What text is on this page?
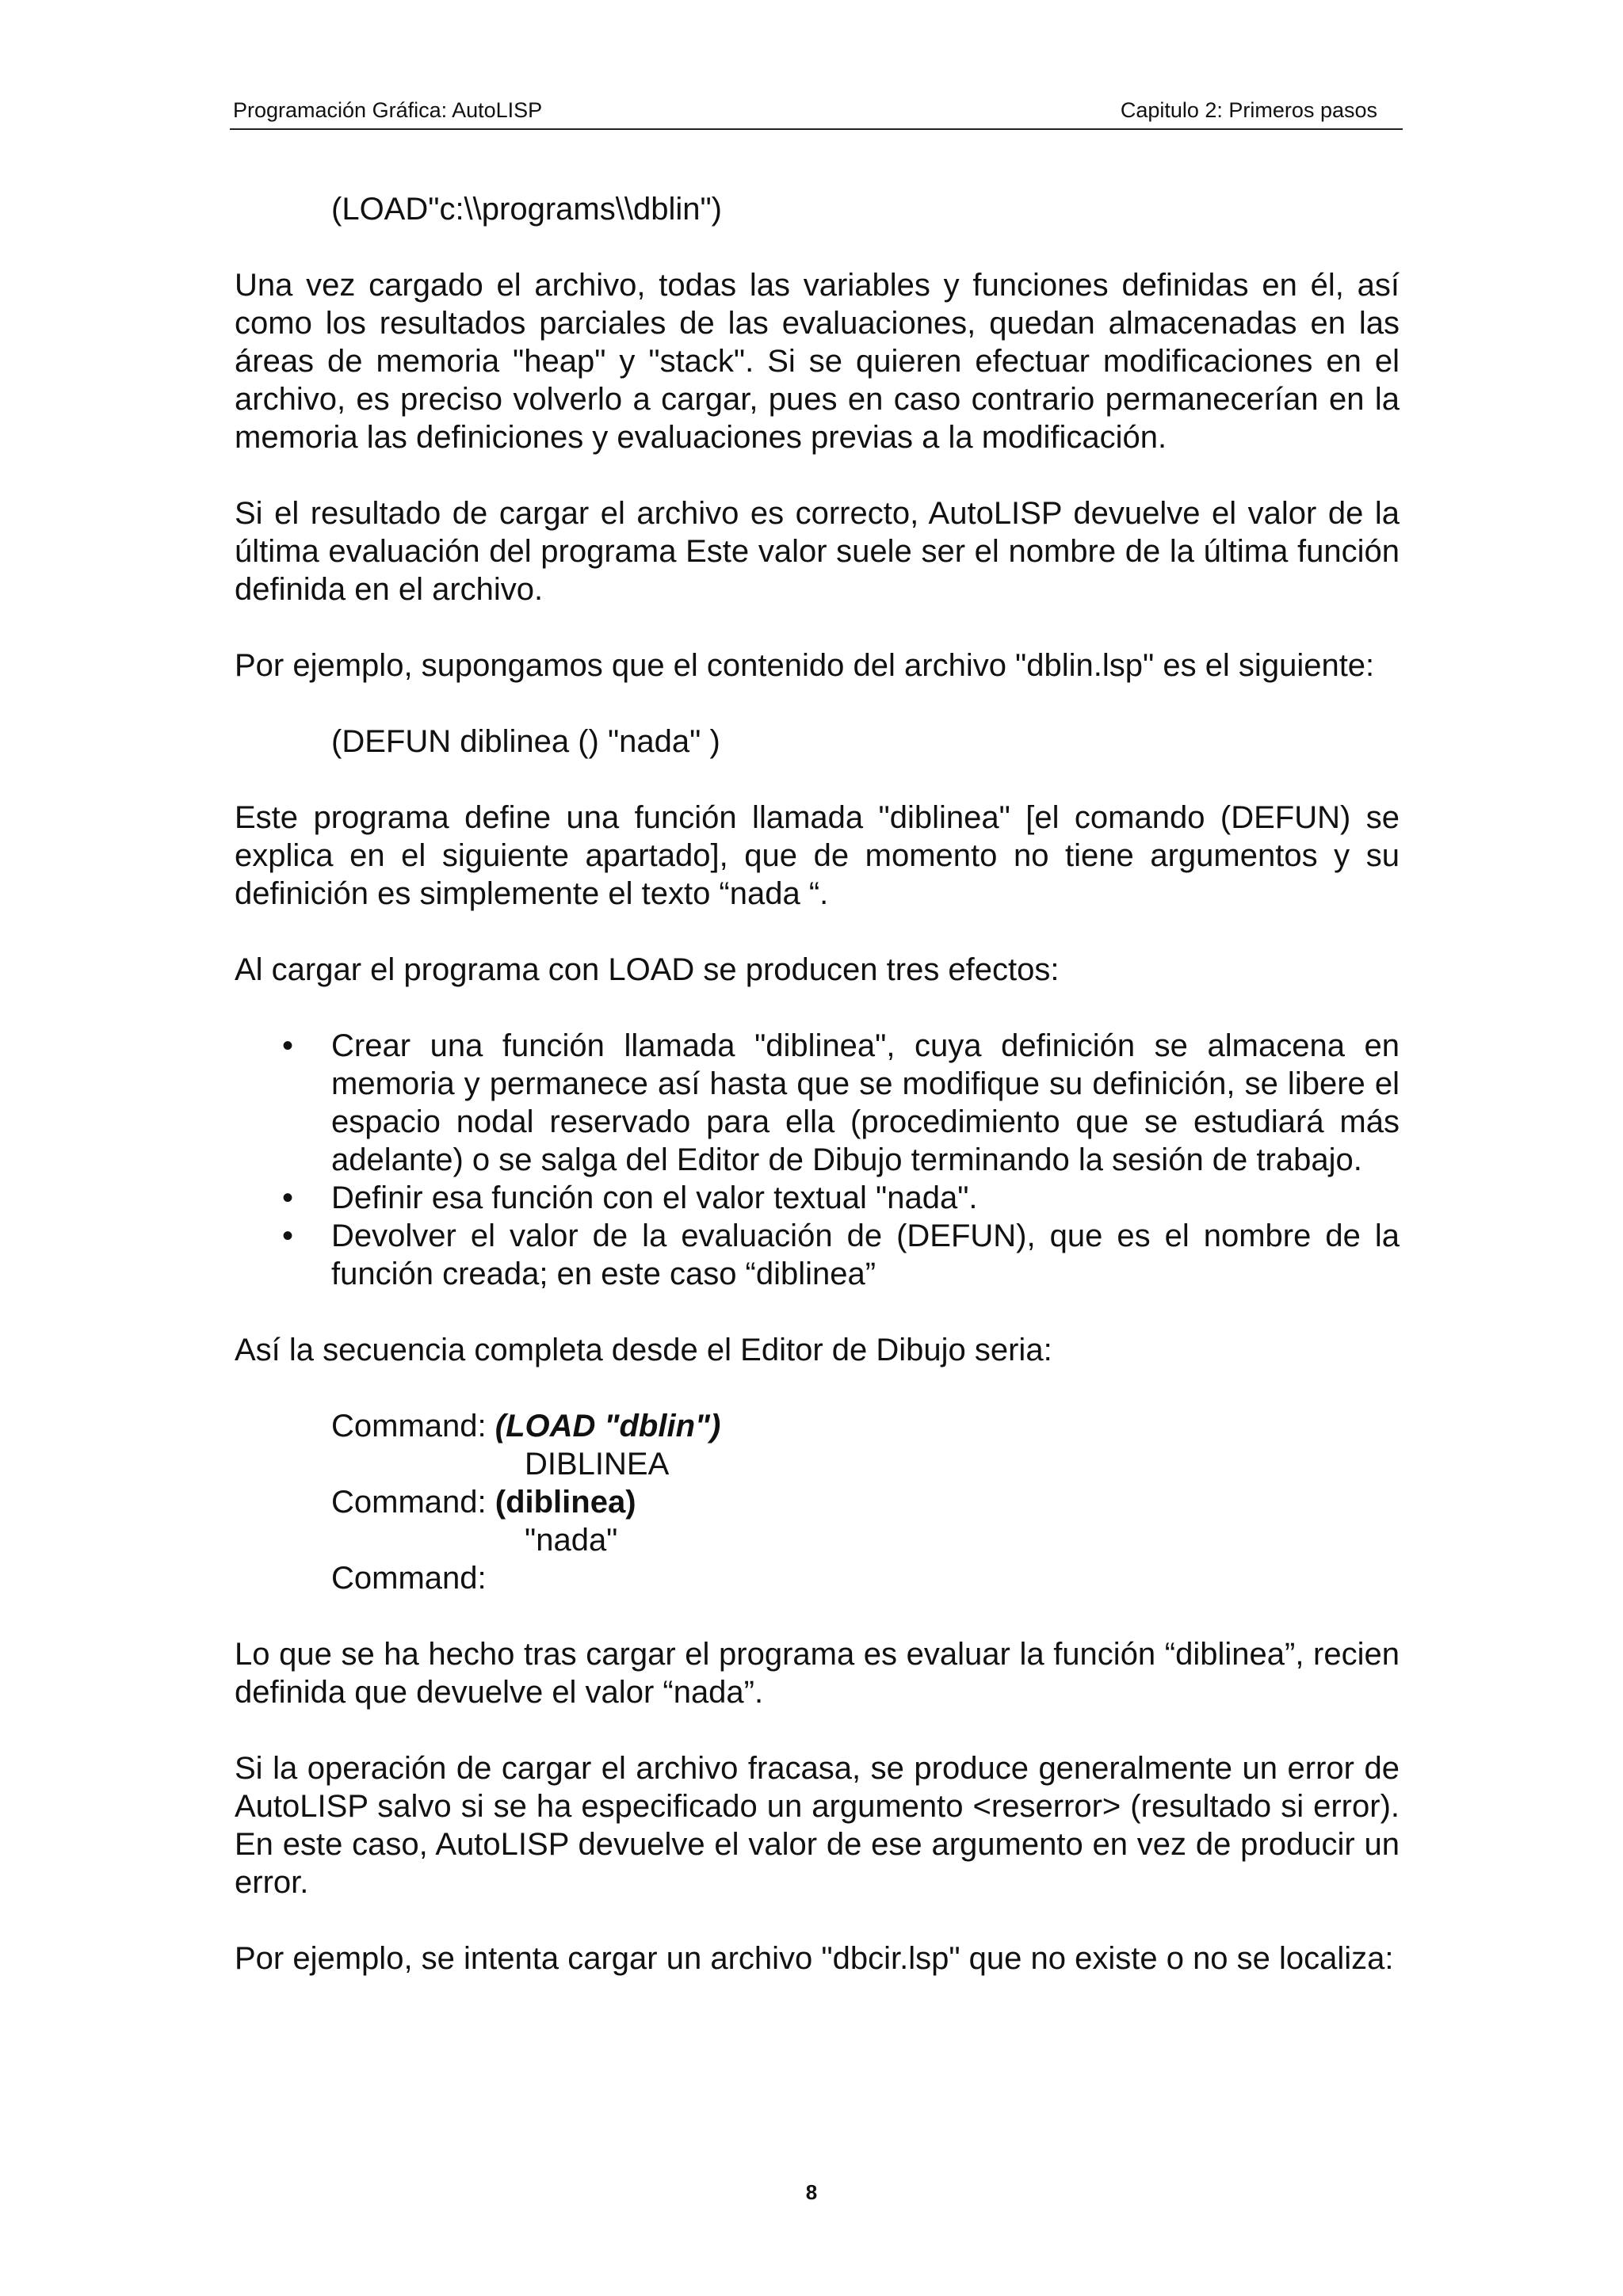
Programación Gráfica: AutoLISP	Capitulo 2: Primeros pasos
(LOAD"c:\\programs\\dblin")

Una vez cargado el archivo, todas las variables y funciones definidas en él, así como los resultados parciales de las evaluaciones, quedan almacenadas en las áreas de memoria "heap" y "stack". Si se quieren efectuar modificaciones en el archivo, es preciso volverlo a cargar, pues en caso contrario permanecerían en la memoria las definiciones y evaluaciones previas a la modificación.

Si el resultado de cargar el archivo es correcto, AutoLISP devuelve el valor de la última evaluación del programa Este valor suele ser el nombre de la última función definida en el archivo.

Por ejemplo, supongamos que el contenido del archivo "dblin.lsp" es el siguiente:

(DEFUN diblinea () "nada" )

Este programa define una función llamada "diblinea" [el comando (DEFUN) se explica en el siguiente apartado], que de momento no tiene argumentos y su definición es simplemente el texto “nada “.

Al cargar el programa con LOAD se producen tres efectos:

• Crear una función llamada "diblinea", cuya definición se almacena en memoria y permanece así hasta que se modifique su definición, se libere el espacio nodal reservado para ella (procedimiento que se estudiará más adelante) o se salga del Editor de Dibujo terminando la sesión de trabajo.
• Definir esa función con el valor textual "nada".
• Devolver el valor de la evaluación de (DEFUN), que es el nombre de la función creada; en este caso “diblinea”

Así la secuencia completa desde el Editor de Dibujo seria:

Command: (LOAD "dblin")
DIBLINEA
Command: (diblinea)
"nada"
Command:

Lo que se ha hecho tras cargar el programa es evaluar la función “diblinea”, recien definida que devuelve el valor “nada”.

Si la operación de cargar el archivo fracasa, se produce generalmente un error de AutoLISP salvo si se ha especificado un argumento <reserror> (resultado si error). En este caso, AutoLISP devuelve el valor de ese argumento en vez de producir un error.

Por ejemplo, se intenta cargar un archivo "dbcir.lsp" que no existe o no se localiza:

8
